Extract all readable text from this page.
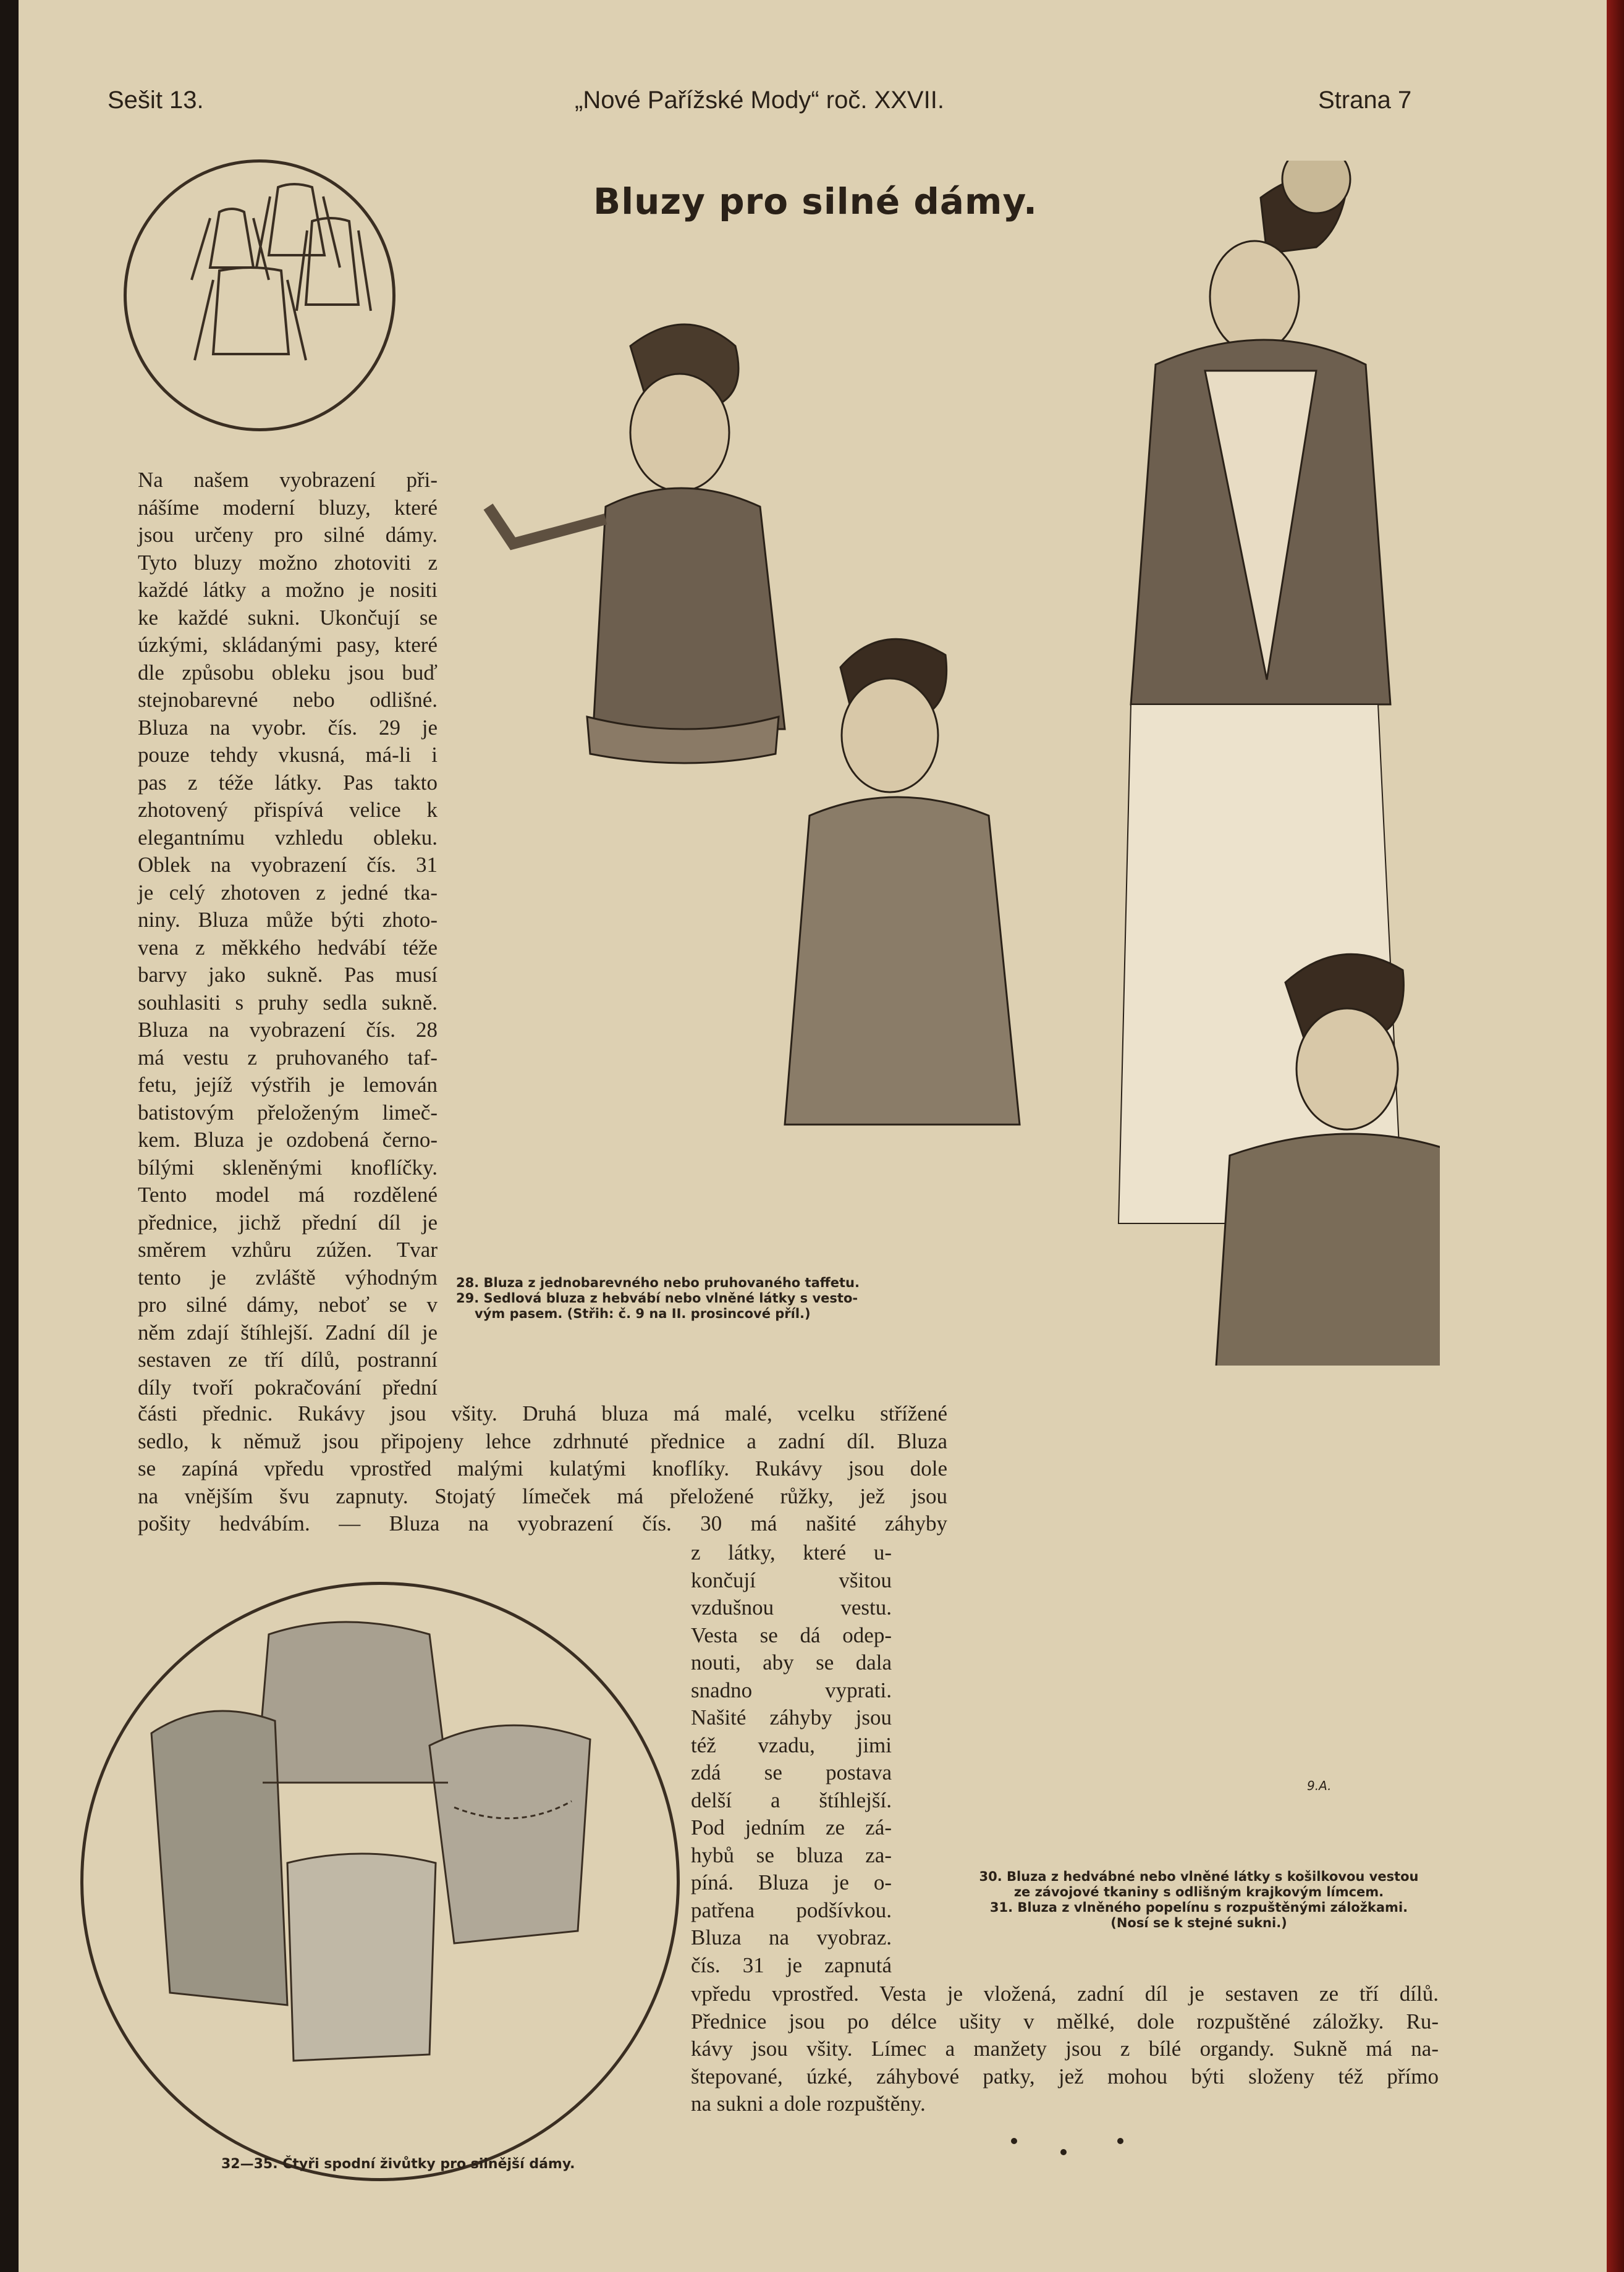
Sešit 13.	„Nové Pařížské Mody“ roč. XXVII.	Strana 7
Bluzy pro silné dámy.

Na našem vyobrazení při-

nášíme moderní bluzy, které

jsou určeny pro silné dámy.

Tyto bluzy možno zhotoviti z

každé látky a možno je nositi

ke každé sukni. Ukončují se

úzkými, skládanými pasy, které

dle způsobu obleku jsou buď

stejnobarevné nebo odlišné.

Bluza na vyobr. čís. 29 je

pouze tehdy vkusná, má-li i

pas z téže látky. Pas takto

zhotovený přispívá velice k

elegantnímu vzhledu obleku.

Oblek na vyobrazení čís. 31

je celý zhotoven z jedné tka-

niny. Bluza může býti zhoto-

vena z měkkého hedvábí téže

barvy jako sukně. Pas musí

souhlasiti s pruhy sedla sukně.

Bluza na vyobrazení čís. 28

má vestu z pruhovaného taf-

fetu, jejíž výstřih je lemován

batistovým přeloženým limeč-

kem. Bluza je ozdobená černo-

bílými skleněnými knoflíčky.

Tento model má rozdělené

přednice, jichž přední díl je

směrem vzhůru zúžen. Tvar

tento je zvláště výhodným

pro silné dámy, neboť se v

něm zdají štíhlejší. Zadní díl je

sestaven ze tří dílů, postranní

díly tvoří pokračování přední

28. Bluza z jednobarevného nebo pruhovaného taffetu.
29. Sedlová bluza z hebvábí nebo vlněné látky s vesto-
vým pasem. (Střih: č. 9 na II. prosincové příl.)

části přednic. Rukávy jsou všity. Druhá bluza má malé, vcelku střížené

sedlo, k němuž jsou připojeny lehce zdrhnuté přednice a zadní díl. Bluza

se zapíná vpředu vprostřed malými kulatými knoflíky. Rukávy jsou dole

na vnějším švu zapnuty. Stojatý límeček má přeložené růžky, jež jsou

pošity hedvábím. — Bluza na vyobrazení čís. 30 má našité záhyby

z látky, které u-

končují všitou

vzdušnou vestu.

Vesta se dá odep-

nouti, aby se dala

snadno vyprati.

Našité záhyby jsou

též vzadu, jimi

zdá se postava

delší a štíhlejší.

Pod jedním ze zá-

hybů se bluza za-

píná. Bluza je o-

patřena podšívkou.

Bluza na vyobraz.

čís. 31 je zapnutá

30. Bluza z hedvábné nebo vlněné látky s košilkovou vestou
ze závojové tkaniny s odlišným krajkovým límcem.
31. Bluza z vlněného popelínu s rozpuštěnými záložkami.
(Nosí se k stejné sukni.)

vpředu vprostřed. Vesta je vložená, zadní díl je sestaven ze tří dílů.

Přednice jsou po délce ušity v mělké, dole rozpuštěné záložky. Ru-

kávy jsou všity. Límec a manžety jsou z bílé organdy. Sukně má na-

štepované, úzké, záhybové patky, jež mohou býti složeny též přímo

na sukni a dole rozpuštěny.

32—35. Čtyři spodní živůtky pro silnější dámy.
9.A.
